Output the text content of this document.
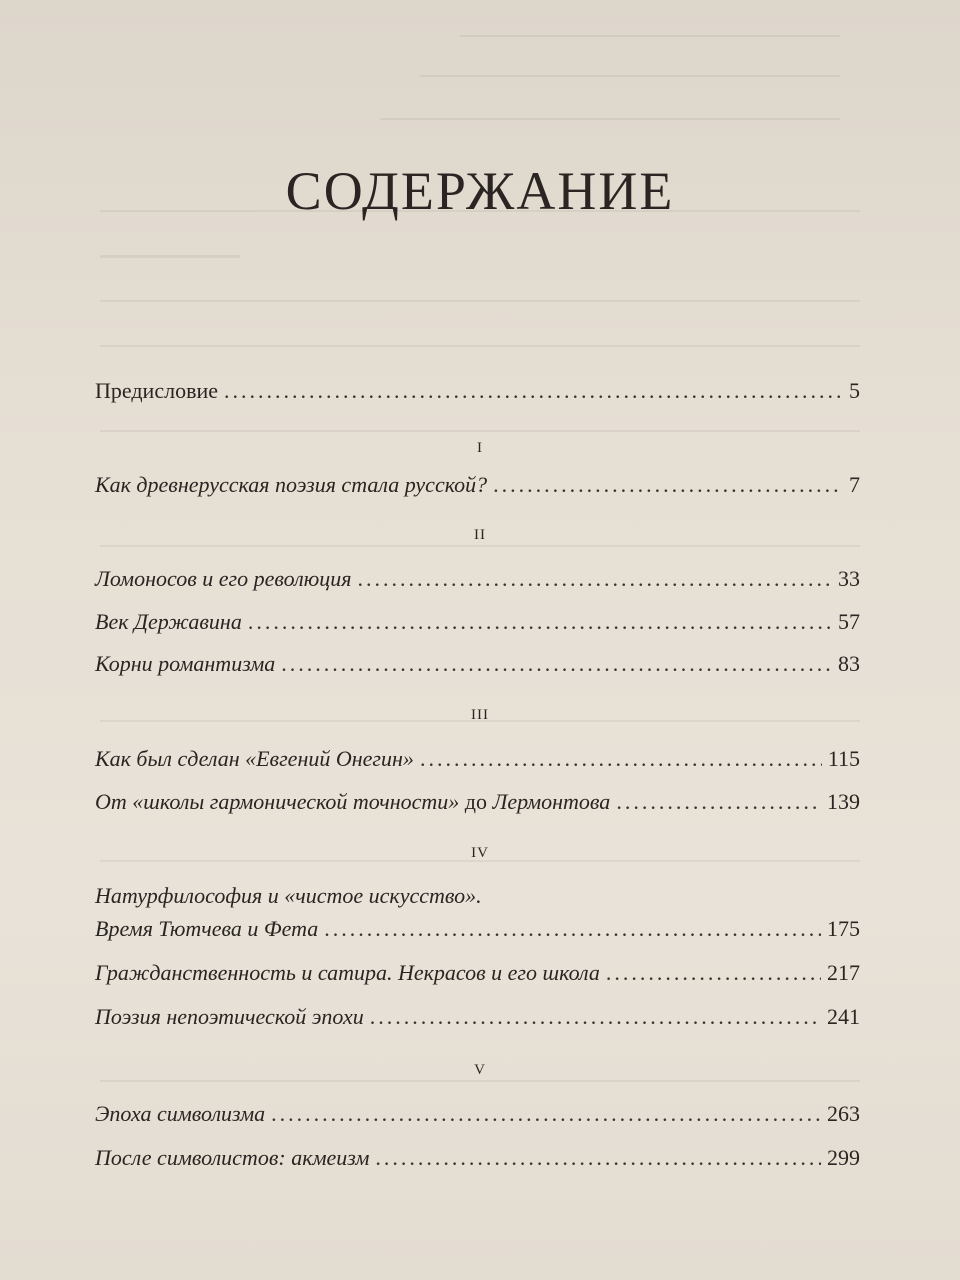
СОДЕРЖАНИЕ
Предисловие .....	5
I
Как древнерусская поэзия стала русской? .....	7
II
Ломоносов и его революция .....	33
Век Державина .....	57
Корни романтизма .....	83
III
Как был сделан «Евгений Онегин» .....	115
От «школы гармонической точности» до Лермонтова .....	139
IV
Натурфилософия и «чистое искусство».
Время Тютчева и Фета .....	175
Гражданственность и сатира. Некрасов и его школа .....	217
Поэзия непоэтической эпохи .....	241
V
Эпоха символизма .....	263
После символистов: акмеизм .....	299
